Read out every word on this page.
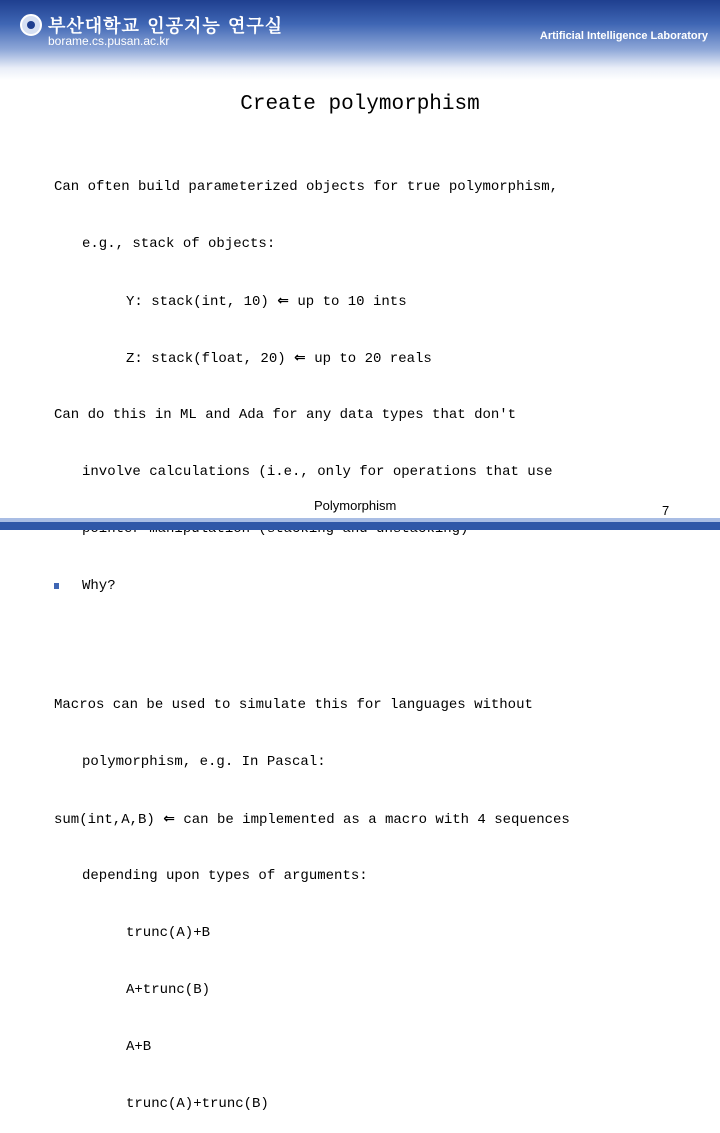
부산대학교 인공지능 연구실
borame.cs.pusan.ac.kr	Artificial Intelligence Laboratory
Create polymorphism

Can often build parameterized objects for true polymorphism,

e.g., stack of objects:

Y: stack(int, 10) ⇐ up to 10 ints

Z: stack(float, 20) ⇐ up to 20 reals

Can do this in ML and Ada for any data types that don't

involve calculations (i.e., only for operations that use

Why?

Macros can be used to simulate this for languages without

polymorphism, e.g. In Pascal:

sum(int,A,B) ⇐ can be implemented as a macro with 4 sequences

depending upon types of arguments:

trunc(A)+B

A+trunc(B)

A+B

trunc(A)+trunc(B)

Polymorphism	7
